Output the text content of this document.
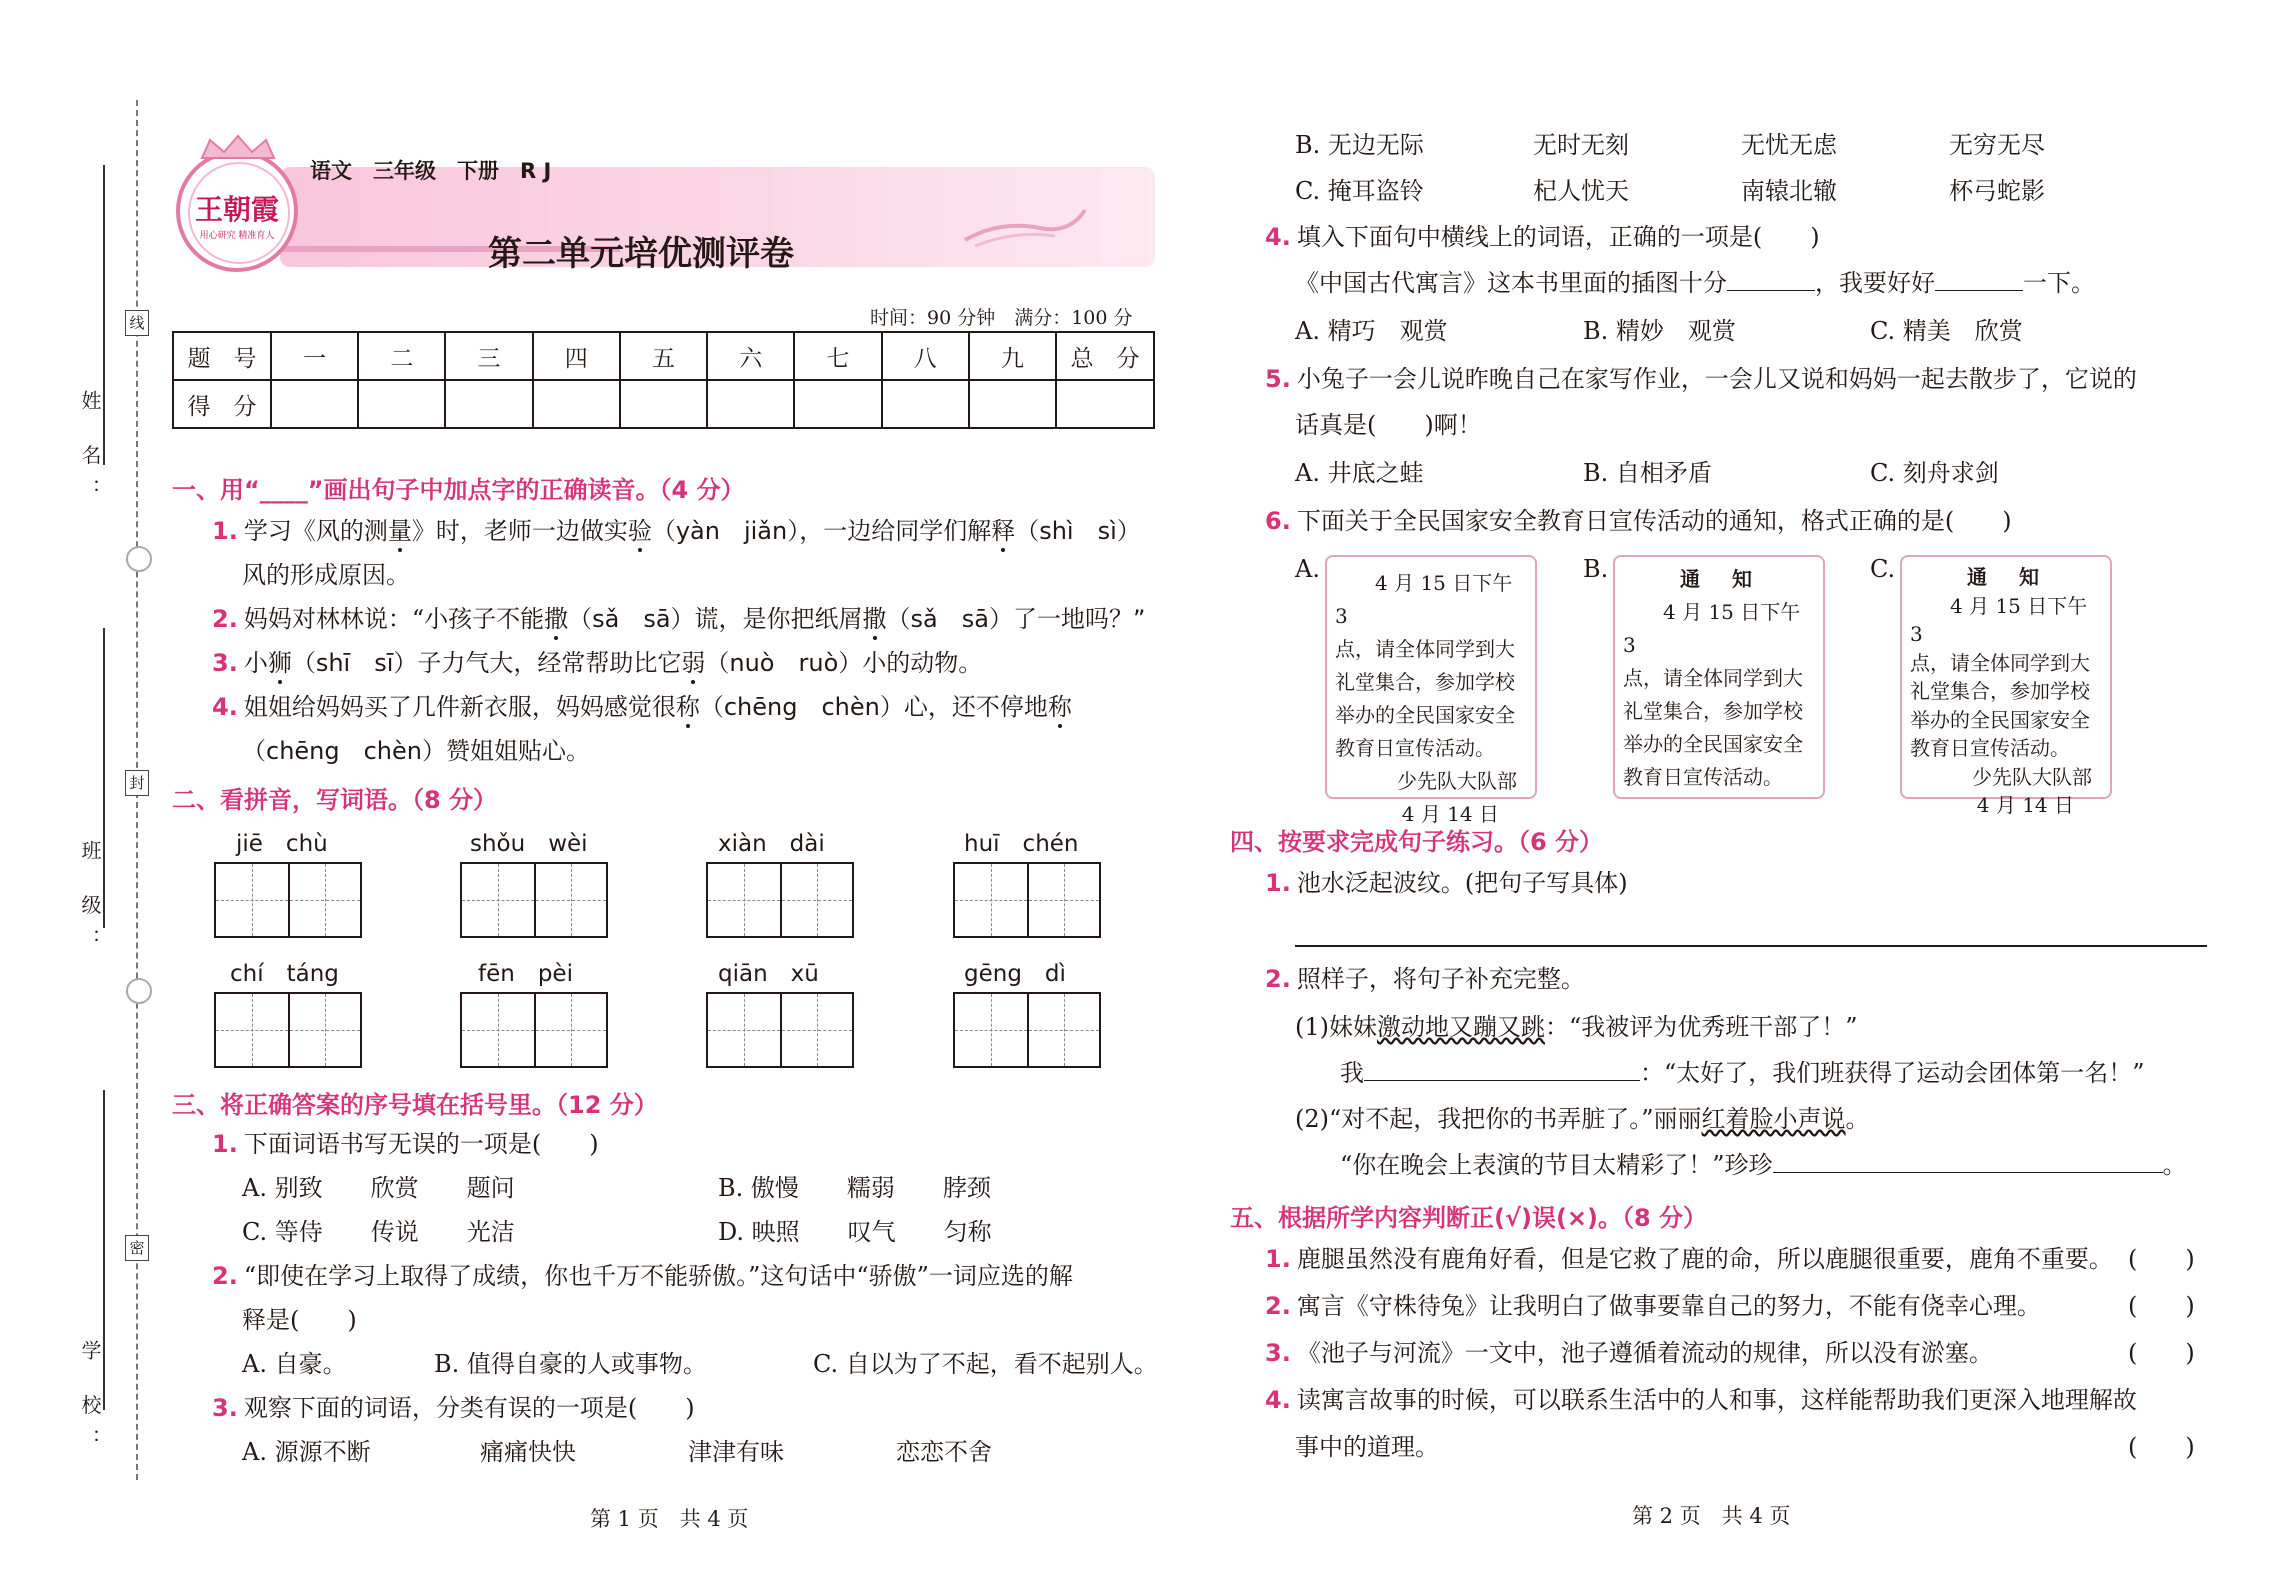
线
封
密
姓 名：
班 级：
学 校：
王朝霞
用心研究 精准育人
语文　三年级　下册　R J
第二单元培优测评卷
时间：90 分钟　满分：100 分
题　号	一	二	三	四	五	六	七	八	九	总　分
得　分										
一、用“____”画出句子中加点字的正确读音。（4 分）
1. 学习《风的测量》时，老师一边做实验（yàn　jiǎn），一边给同学们解释（shì　sì）
风的形成原因。
2. 妈妈对林林说：“小孩子不能撒（sǎ　sā）谎，是你把纸屑撒（sǎ　sā）了一地吗？”
3. 小狮（shī　sī）子力气大，经常帮助比它弱（nuò　ruò）小的动物。
4. 姐姐给妈妈买了几件新衣服，妈妈感觉很称（chēng　chèn）心，还不停地称
（chēng　chèn）赞姐姐贴心。
二、看拼音，写词语。（8 分）
jiē　chù	shǒu　wèi	xiàn　dài	huī　chén
chí　táng	fēn　pèi	qiān　xū	gēng　dì
三、将正确答案的序号填在括号里。（12 分）
1. 下面词语书写无误的一项是(　　)
A. 别致　　欣赏　　题问	B. 傲慢　　糯弱　　脖颈
C. 等侍　　传说　　光洁	D. 映照　　叹气　　匀称
2. “即使在学习上取得了成绩，你也千万不能骄傲。”这句话中“骄傲”一词应选的解
释是(　　)
A. 自豪。	B. 值得自豪的人或事物。	C. 自以为了不起，看不起别人。
3. 观察下面的词语，分类有误的一项是(　　)
A. 源源不断	痛痛快快	津津有味	恋恋不舍
第 1 页　共 4 页
B. 无边无际	无时无刻	无忧无虑	无穷无尽
C. 掩耳盗铃	杞人忧天	南辕北辙	杯弓蛇影
4. 填入下面句中横线上的词语，正确的一项是(　　)
《中国古代寓言》这本书里面的插图十分	，我要好好	一下。
A. 精巧　观赏	B. 精妙　观赏	C. 精美　欣赏
5. 小兔子一会儿说昨晚自己在家写作业，一会儿又说和妈妈一起去散步了，它说的
话真是(　　)啊！
A. 井底之蛙	B. 自相矛盾	C. 刻舟求剑
6. 下面关于全民国家安全教育日宣传活动的通知，格式正确的是(　　)
A.	4 月 15 日下午 3
点，请全体同学到大
礼堂集合，参加学校
举办的全民国家安全
教育日宣传活动。
少先队大队部
4 月 14 日
B.	通　知
4 月 15 日下午 3
点，请全体同学到大
礼堂集合，参加学校
举办的全民国家安全
教育日宣传活动。
C.	通　知
4 月 15 日下午 3
点，请全体同学到大
礼堂集合，参加学校
举办的全民国家安全
教育日宣传活动。
少先队大队部
4 月 14 日
四、按要求完成句子练习。（6 分）
1. 池水泛起波纹。(把句子写具体)
2. 照样子，将句子补充完整。
(1)妹妹激动地又蹦又跳：“我被评为优秀班干部了！”
我	：“太好了，我们班获得了运动会团体第一名！”
(2)“对不起，我把你的书弄脏了。”丽丽红着脸小声说。
“你在晚会上表演的节目太精彩了！”珍珍	。
五、根据所学内容判断正(√)误(×)。（8 分）
1. 鹿腿虽然没有鹿角好看，但是它救了鹿的命，所以鹿腿很重要，鹿角不重要。 (　　)
2. 寓言《守株待兔》让我明白了做事要靠自己的努力，不能有侥幸心理。	(　　)
3. 《池子与河流》一文中，池子遵循着流动的规律，所以没有淤塞。	(　　)
4. 读寓言故事的时候，可以联系生活中的人和事，这样能帮助我们更深入地理解故
事中的道理。	(　　)
第 2 页　共 4 页
